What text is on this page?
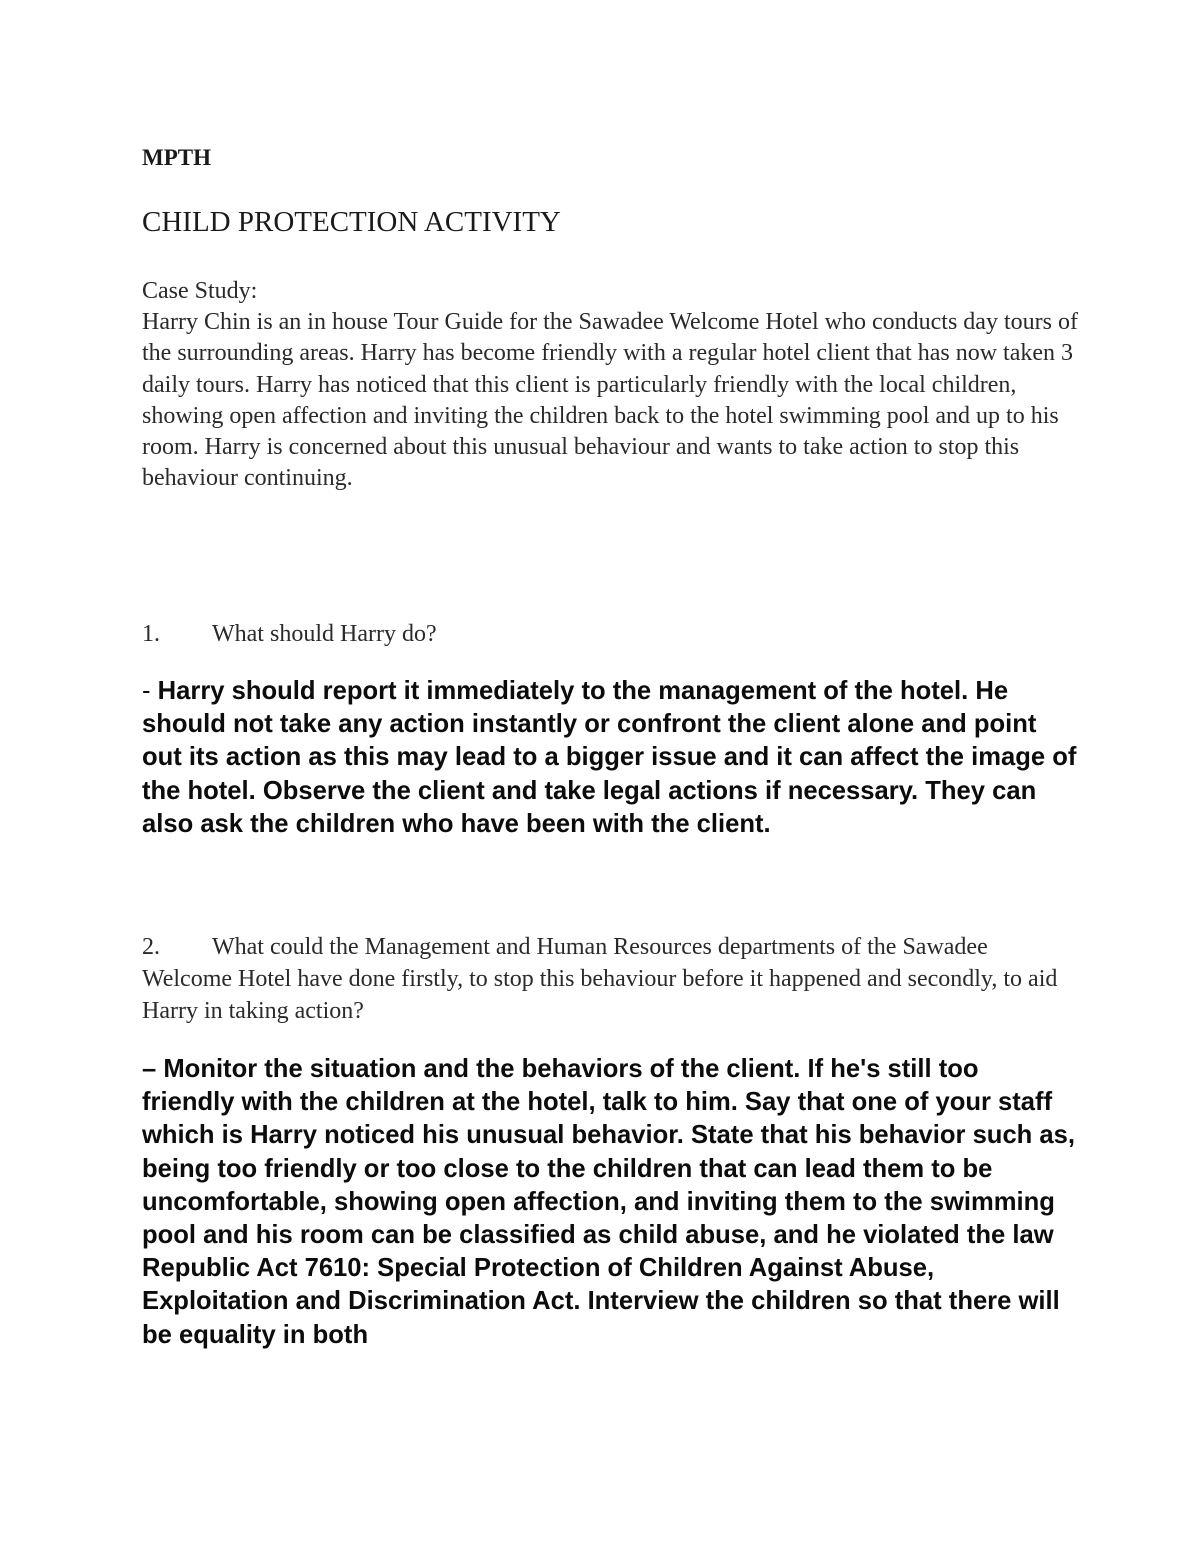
MPTH
CHILD PROTECTION ACTIVITY
Case Study:
Harry Chin is an in house Tour Guide for the Sawadee Welcome Hotel who conducts day tours of the surrounding areas. Harry has become friendly with a regular hotel client that has now taken 3 daily tours. Harry has noticed that this client is particularly friendly with the local children, showing open affection and inviting the children back to the hotel swimming pool and up to his room. Harry is concerned about this unusual behaviour and wants to take action to stop this behaviour continuing.
1. What should Harry do?
- Harry should report it immediately to the management of the hotel. He should not take any action instantly or confront the client alone and point out its action as this may lead to a bigger issue and it can affect the image of the hotel. Observe the client and take legal actions if necessary. They can also ask the children who have been with the client.
2. What could the Management and Human Resources departments of the Sawadee Welcome Hotel have done firstly, to stop this behaviour before it happened and secondly, to aid Harry in taking action?
– Monitor the situation and the behaviors of the client. If he's still too friendly with the children at the hotel, talk to him. Say that one of your staff which is Harry noticed his unusual behavior. State that his behavior such as, being too friendly or too close to the children that can lead them to be uncomfortable, showing open affection, and inviting them to the swimming pool and his room can be classified as child abuse, and he violated the law Republic Act 7610: Special Protection of Children Against Abuse, Exploitation and Discrimination Act. Interview the children so that there will be equality in both
